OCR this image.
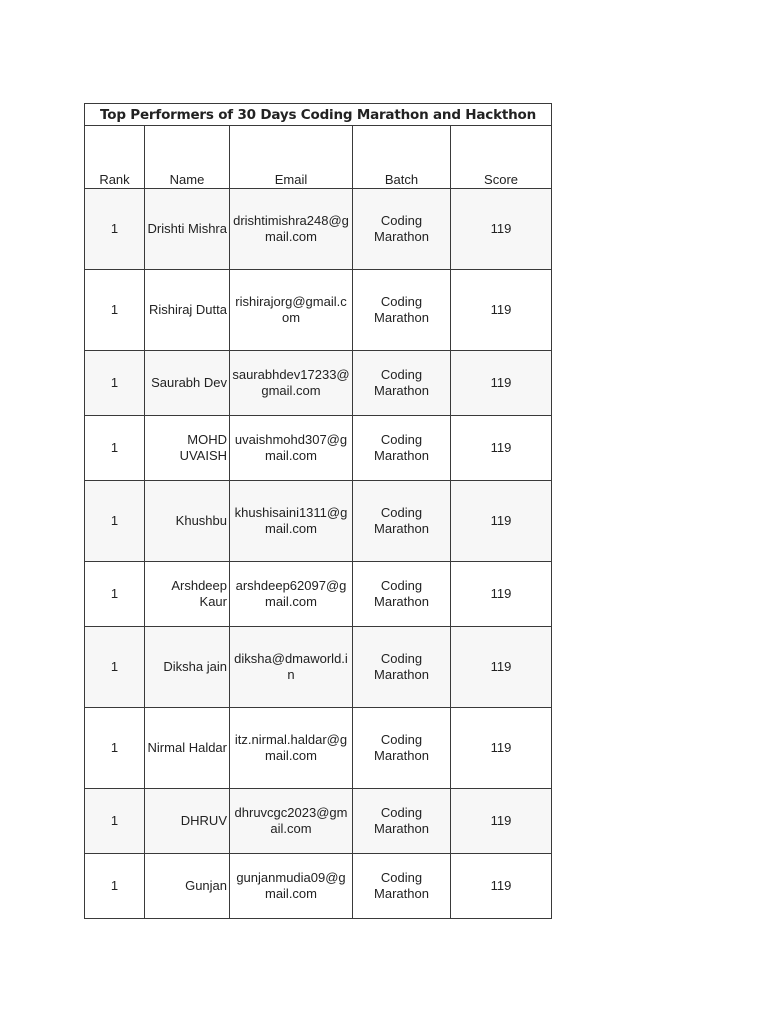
Top Performers of 30 Days Coding Marathon and Hackthon				
Rank	Name	Email	Batch	Score
1	Drishti Mishra	drishtimishra248@gmail.com	Coding Marathon	119
1	Rishiraj Dutta	rishirajorg@gmail.com	Coding Marathon	119
1	Saurabh Dev	saurabhdev17233@gmail.com	Coding Marathon	119
1	MOHD UVAISH	uvaishmohd307@gmail.com	Coding Marathon	119
1	Khushbu	khushisaini1311@gmail.com	Coding Marathon	119
1	Arshdeep Kaur	arshdeep62097@gmail.com	Coding Marathon	119
1	Diksha jain	diksha@dmaworld.in	Coding Marathon	119
1	Nirmal Haldar	itz.nirmal.haldar@gmail.com	Coding Marathon	119
1	DHRUV	dhruvcgc2023@gmail.com	Coding Marathon	119
1	Gunjan	gunjanmudia09@gmail.com	Coding Marathon	119
